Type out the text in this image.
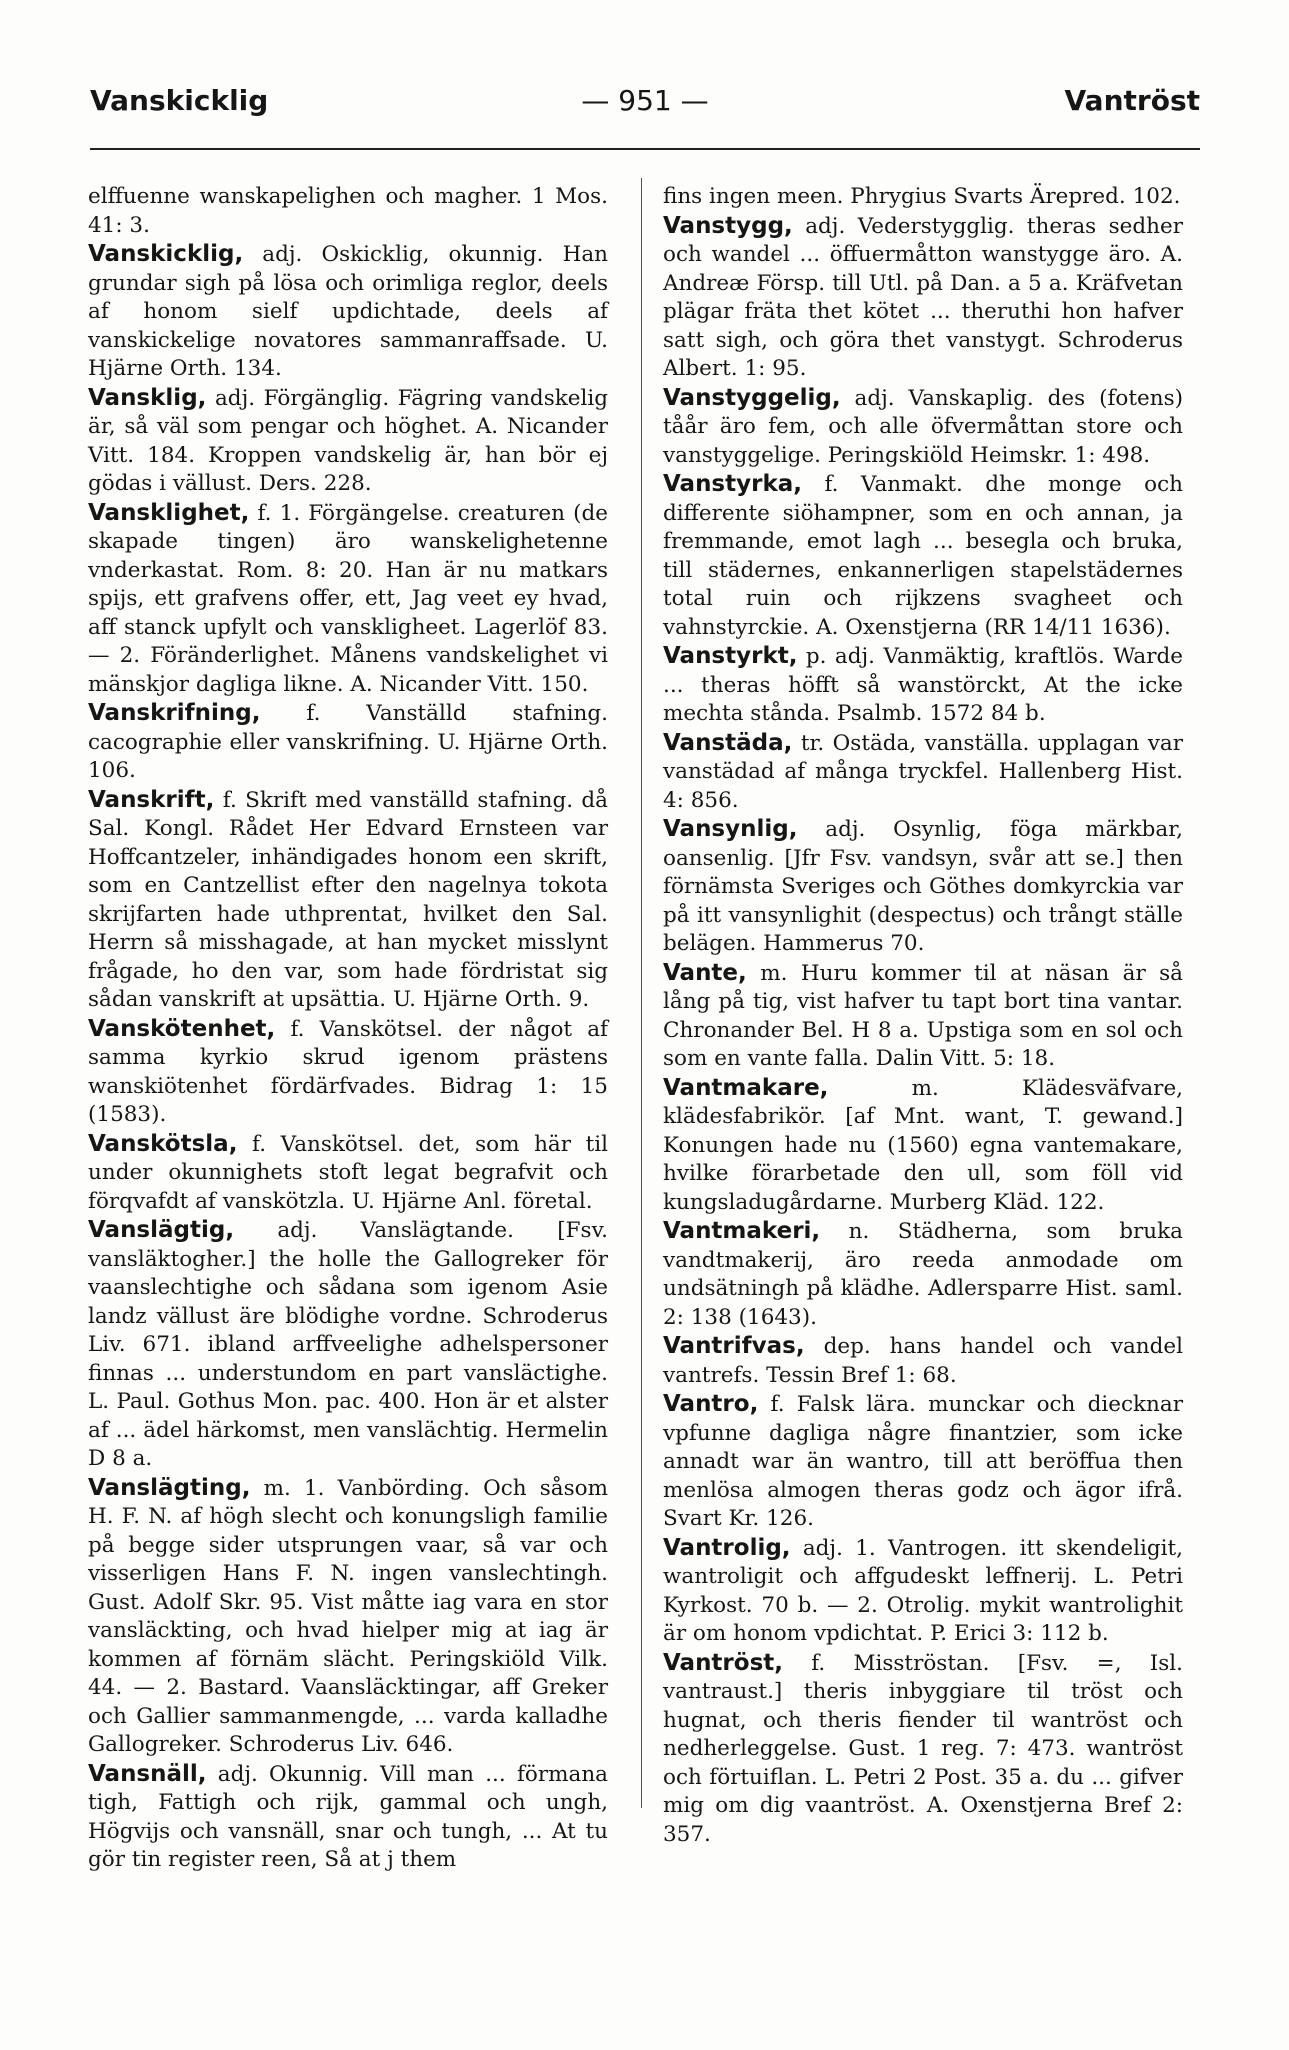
Vanskicklig	— 951 —	Vantröst

elffuenne wanskapelighen och magher. 1 Mos. 41: 3.

Vanskicklig, adj. Oskicklig, okunnig. Han grundar sigh på lösa och orimliga reglor, deels af honom sielf updichtade, deels af vanskickelige novatores sammanraffsade. U. Hjärne Orth. 134.

Vansklig, adj. Förgänglig. Fägring vandskelig är, så väl som pengar och höghet. A. Nicander Vitt. 184. Kroppen vandskelig är, han bör ej gödas i vällust. Ders. 228.

Vansklighet, f. 1. Förgängelse. creaturen (de skapade tingen) äro wanskelighetenne vnderkastat. Rom. 8: 20. Han är nu matkars spijs, ett grafvens offer, ett, Jag veet ey hvad, aff stanck upfylt och vanskligheet. Lagerlöf 83. — 2. Föränderlighet. Månens vandskelighet vi mänskjor dagliga likne. A. Nicander Vitt. 150.

Vanskrifning, f. Vanställd stafning. cacographie eller vanskrifning. U. Hjärne Orth. 106.

Vanskrift, f. Skrift med vanställd stafning. då Sal. Kongl. Rådet Her Edvard Ernsteen var Hoffcantzeler, inhändigades honom een skrift, som en Cantzellist efter den nagelnya tokota skrijfarten hade uthprentat, hvilket den Sal. Herrn så misshagade, at han mycket misslynt frågade, ho den var, som hade fördristat sig sådan vanskrift at upsättia. U. Hjärne Orth. 9.

Vanskötenhet, f. Vanskötsel. der något af samma kyrkio skrud igenom prästens wanskiötenhet fördärfvades. Bidrag 1: 15 (1583).

Vanskötsla, f. Vanskötsel. det, som här til under okunnighets stoft legat begrafvit och förqvafdt af vanskötzla. U. Hjärne Anl. företal.

Vanslägtig, adj. Vanslägtande. [Fsv. vansläktogher.] the holle the Gallogreker för vaanslechtighe och sådana som igenom Asie landz vällust äre blödighe vordne. Schroderus Liv. 671. ibland arffveelighe adhelspersoner finnas ... understundom en part vansläctighe. L. Paul. Gothus Mon. pac. 400. Hon är et alster af ... ädel härkomst, men vanslächtig. Hermelin D 8 a.

Vanslägting, m. 1. Vanbörding. Och såsom H. F. N. af högh slecht och konungsligh familie på begge sider utsprungen vaar, så var och visserligen Hans F. N. ingen vanslechtingh. Gust. Adolf Skr. 95. Vist måtte iag vara en stor vansläckting, och hvad hielper mig at iag är kommen af förnäm slächt. Peringskiöld Vilk. 44. — 2. Bastard. Vaansläcktingar, aff Greker och Gallier sammanmengde, ... varda kalladhe Gallogreker. Schroderus Liv. 646.

Vansnäll, adj. Okunnig. Vill man ... förmana tigh, Fattigh och rijk, gammal och ungh, Högvijs och vansnäll, snar och tungh, ... At tu gör tin register reen, Så at j them

fins ingen meen. Phrygius Svarts Ärepred. 102.

Vanstygg, adj. Vederstygglig. theras sedher och wandel ... öffuermåtton wanstygge äro. A. Andreæ Försp. till Utl. på Dan. a 5 a. Kräfvetan plägar fräta thet kötet ... theruthi hon hafver satt sigh, och göra thet vanstygt. Schroderus Albert. 1: 95.

Vanstyggelig, adj. Vanskaplig. des (fotens) tåår äro fem, och alle öfvermåttan store och vanstyggelige. Peringskiöld Heimskr. 1: 498.

Vanstyrka, f. Vanmakt. dhe monge och differente siöhampner, som en och annan, ja fremmande, emot lagh ... besegla och bruka, till städernes, enkannerligen stapelstädernes total ruin och rijkzens svagheet och vahnstyrckie. A. Oxenstjerna (RR 14/11 1636).

Vanstyrkt, p. adj. Vanmäktig, kraftlös. Warde ... theras höfft så wanstörckt, At the icke mechta stånda. Psalmb. 1572 84 b.

Vanstäda, tr. Ostäda, vanställa. upplagan var vanstädad af många tryckfel. Hallenberg Hist. 4: 856.

Vansynlig, adj. Osynlig, föga märkbar, oansenlig. [Jfr Fsv. vandsyn, svår att se.] then förnämsta Sveriges och Göthes domkyrckia var på itt vansynlighit (despectus) och trångt ställe belägen. Hammerus 70.

Vante, m. Huru kommer til at näsan är så lång på tig, vist hafver tu tapt bort tina vantar. Chronander Bel. H 8 a. Upstiga som en sol och som en vante falla. Dalin Vitt. 5: 18.

Vantmakare, m. Klädesväfvare, klädesfabrikör. [af Mnt. want, T. gewand.] Konungen hade nu (1560) egna vantemakare, hvilke förarbetade den ull, som föll vid kungsladugårdarne. Murberg Kläd. 122.

Vantmakeri, n. Städherna, som bruka vandtmakerij, äro reeda anmodade om undsätningh på klädhe. Adlersparre Hist. saml. 2: 138 (1643).

Vantrifvas, dep. hans handel och vandel vantrefs. Tessin Bref 1: 68.

Vantro, f. Falsk lära. munckar och diecknar vpfunne dagliga någre finantzier, som icke annadt war än wantro, till att beröffua then menlösa almogen theras godz och ägor ifrå. Svart Kr. 126.

Vantrolig, adj. 1. Vantrogen. itt skendeligit, wantroligit och affgudeskt leffnerij. L. Petri Kyrkost. 70 b. — 2. Otrolig. mykit wantrolighit är om honom vpdichtat. P. Erici 3: 112 b.

Vantröst, f. Misströstan. [Fsv. =, Isl. vantraust.] theris inbyggiare til tröst och hugnat, och theris fiender til wantröst och nedherleggelse. Gust. 1 reg. 7: 473. wantröst och förtuiflan. L. Petri 2 Post. 35 a. du ... gifver mig om dig vaantröst. A. Oxenstjerna Bref 2: 357.
